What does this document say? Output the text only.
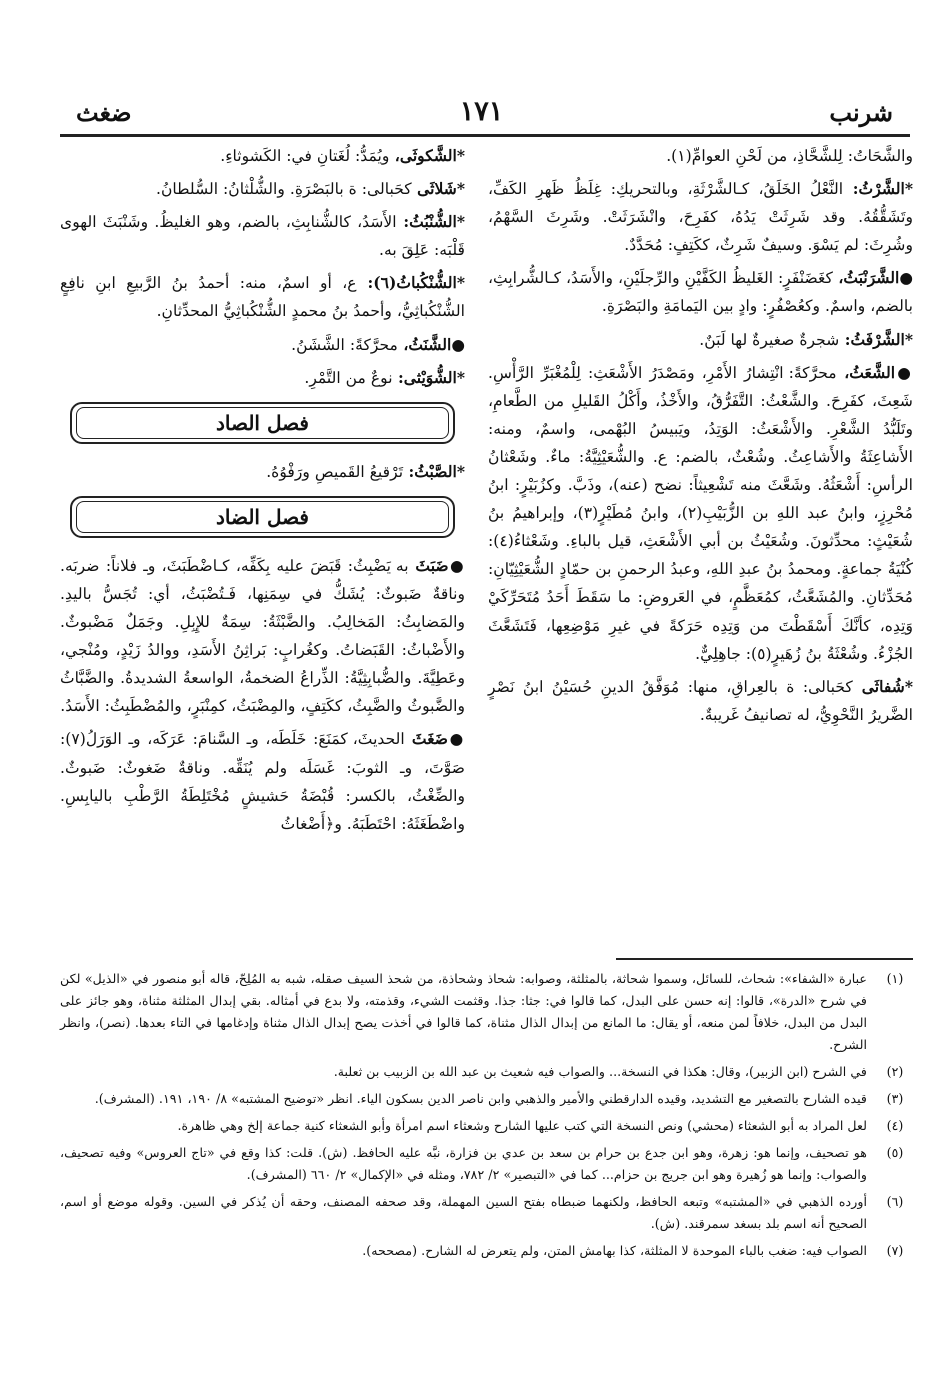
شرنب
١٧١
ضغث

والشَّحَاتُ: لِلشَّحَّاذِ، من لَحْنِ العوامِّ(١).

*الشَّرْثُ: النَّعْلُ الخَلَقُ، كـالشَّرْثَةِ، وبالتحريكِ: غِلَظُ ظَهرِ الكَفِّ، وتَشَقُّقُهُ. وقد شَرِثَتْ يَدُهُ، كفَرِحَ، وانْشَرَثَتْ. وشَرِثَ السَّهْمُ، وشُرِثَ: لم يَسْوَ. وسيفٌ شَرِثٌ، ككَتِفٍ: مُحَدَّدٌ.

●الشَّرَنْبَثُ، كغَضَنْفَرٍ: الغَليظُ الكَفَّيْنِ والرِّجلَيْنِ، والأَسَدُ، كـالشُّرابِثِ، بالضم، واسمٌ. وكعُصْفُرٍ: وادٍ بين اليَمامَةِ والبَصْرَةِ.

*الشَّرْفَثُ: شجرةٌ صغيرةٌ لها لَبَنٌ.

●الشَّعَثُ، محرَّكةً: انْتِشارُ الأَمْرِ، ومَصْدَرُ الأَشْعَثِ: لِلْمُغْبَرِّ الرَّأْسِ. شَعِثَ، كفَرِحَ. والشَّعْثُ: التَّفَرُّقُ، والأَخْذُ، وأَكْلُ القَليلِ من الطَّعامِ، وتَلَبُّدُ الشَّعْرِ. والأَشْعَثُ: الوَتِدُ، ويَبيسُ البُهْمى، واسمٌ، ومنه: الأَشاعِثَةُ والأَشاعِثُ. وشُعْثٌ، بالضم: ع. والشُّعَيْثِيَّةُ: ماءٌ. وشَعْثانُ الرأسِ: أَشْعَثُهُ. وشَعَّثَ منه تَشْعِيثاً: نضح (عنه)، وذَبَّ. وكزُبَيْرٍ: ابنُ مُحْرِزٍ، وابنُ عبد اللهِ بن الزُّبَيْبِ(٢)، وابنُ مُطَيْرٍ(٣)، وإبراهيمُ بنُ شُعَيْثٍ: محدِّثونَ. وشُعَيْثُ بن أبي الأَشْعَثِ، قيل بالباءِ. وشَعْثاءُ(٤): كُنْيَةُ جماعةٍ. ومحمدُ بنُ عبدِ اللهِ، وعبدُ الرحمنِ بن حمّادٍ الشُّعَيْثِيّانِ: مُحَدِّثانِ. والمُشَعَّثُ، كمُعَظَّمٍ، في العَروضِ: ما سَقَطَ أَحَدُ مُتَحَرِّكَيْ وَتِدِه، كأنَّكَ أَسْقَطْتَ من وَتِدِه حَرَكةً في غيرِ مَوْضِعِها، فَتَشَعَّثَ الجُزْءُ. وشُعْثَةُ بنُ زُهَيرٍ(٥): جاهِلِيٌّ.

*شُفاثَى كحَبالى: ة بالعِراقِ، منها: مُوَفَّقُ الدينِ حُسَيْنُ ابنُ نَصْرٍ الضَّريرُ النَّحْوِيُّ، له تصانيفُ غَريبةٌ.

*الشَّكوثَى، ويُمَدُّ: لُغَتانِ في: الكَشوثاءِ.

*شَلاثَى كحَبالى: ة بالبَصْرَةِ. والشُّلْثانُ: السُّلطانُ.

*الشُّنْبُثُ: الأَسَدُ، كالشُّنابِثِ، بالضم، وهو الغليظُ. وشَنْبَثَ الهوى قَلْبَه: عَلِقَ به.

*الشُّنْكُباثُ(٦): ع، أو اسمٌ، منه: أحمدُ بنُ الرَّبيعِ ابنِ نافِعٍ الشُّنْكُباثِيُّ، وأحمدُ بنُ محمدٍ الشُّنْكُباثِيُّ المحدِّثانِ.

●الشَّنَثُ، محرَّكةً: الشَّشَنُ.

*الشُّوَيْثى: نوعٌ من التَّمْرِ.

فصل الصاد

*الصَّبْثُ: تَرْقيعُ القَميصِ ورَفْوُهُ.

فصل الضاد

●ضَبَثَ به يَضْبِثُ: قَبَضَ عليه بِكَفِّه، كـاضْطَبَثَ، وـ فلاناً: ضربَه. وناقةٌ ضَبوثٌ: يُشَكُّ في سِمَنِها، فَـتُضْبَثُ، أي: تُجَسُّ باليدِ. والمَضابِثُ: المَخالِبُ. والضَّبْثَةُ: سِمَةٌ للإِبِلِ. وجَمَلٌ مَضْبوثٌ. والأَضْباثُ: القَبَضاتُ. وكغُرابٍ: بَراثِنُ الأَسَدِ، ووالدُ زَيْدٍ، ومُنْجي، وعَطِيَّةَ. والضُّبابِثِيَّةُ: الذِّراعُ الضخمةُ، الواسعةُ الشديدةُ. والضَّبَّاثُ والضَّبوثُ والضَّبِثُ، ككَتِفٍ، والمِضْبَثُ، كمِنْبَرٍ، والمُضْطَبِثُ: الأَسَدُ.

●ضَغَثَ الحديثَ، كمَنَعَ: خَلَطَه، وـ السَّنامَ: عَرَكَه، وـ الوَرَلُ(٧): صَوَّتَ، وـ الثوبَ: غَسَلَه ولم يُنَقِّه. وناقةٌ ضَغوثٌ: ضَبوثٌ. والضِّغْثُ، بالكسر: قُبْضَةُ حَشيشٍ مُخْتَلِطَةُ الرَّطْبِ باليابِسِ. واضْطَغَثَهُ: احْتَطَبَهُ. و﴿أَضْغاثُ

(١)
عبارة «الشفاء»: شحاث، للسائل، وسموا شحاثة، بالمثلثة، وصوابه: شحاذ وشحاذة، من شحذ السيف صقله، شبه به المُلِحّ، قاله أبو منصور في «الذيل» لكن في شرح «الدرة»، قالوا: إنه حسن على البدل، كما قالوا في: جثا: جذا. وقثمت الشيء، وقذمته، ولا بدع في أمثاله. بقي إبدال المثلثة مثناة، وهو جائز على البدل من البدل، خلافاً لمن منعه، أو يقال: ما المانع من إبدال الذال مثناة، كما قالوا في أخذت يصح إبدال الذال مثناة وإدغامها في التاء بعدها. (نصر)، وانظر الشرح.
(٢)
في الشرح (ابن الزبير)، وقال: هكذا في النسخة... والصواب فيه شعيث بن عبد الله بن الزبيب بن ثعلبة.
(٣)
قيده الشارح بالتصغير مع التشديد، وقيده الدارقطني والأمير والذهبي وابن ناصر الدين بسكون الياء. انظر «توضيح المشتبه» ٨/ ١٩٠، ١٩١. (المشرف).
(٤)
لعل المراد به أبو الشعثاء (محشي) ونص النسخة التي كتب عليها الشارح وشعثاء اسم امرأة وأبو الشعثاء كنية جماعة إلخ وهي ظاهرة.
(٥)
هو تصحيف، وإنما هو: زهرة، وهو ابن جدع بن حرام بن سعد بن عدي بن فزارة، نبَّه عليه الحافظ. (ش). قلت: كذا وقع في «تاج العروس» وفيه تصحيف، والصواب: وإنما هو زُهيرة وهو ابن جريج بن حزام... كما في «التبصير» ٢/ ٧٨٢، ومثله في «الإكمال» ٢/ ٦٦٠ (المشرف).
(٦)
أورده الذهبي في «المشتبه» وتبعه الحافظ، ولكنهما ضبطاه بفتح السين المهملة، وقد صحفه المصنف، وحقه أن يُذكر في السين. وقوله موضع أو اسم، الصحيح أنه اسم بلد بسغد سمرقند. (ش).
(٧)
الصواب فيه: ضغب بالباء الموحدة لا المثلثة، كذا بهامش المتن، ولم يتعرض له الشارح. (مصححه).
